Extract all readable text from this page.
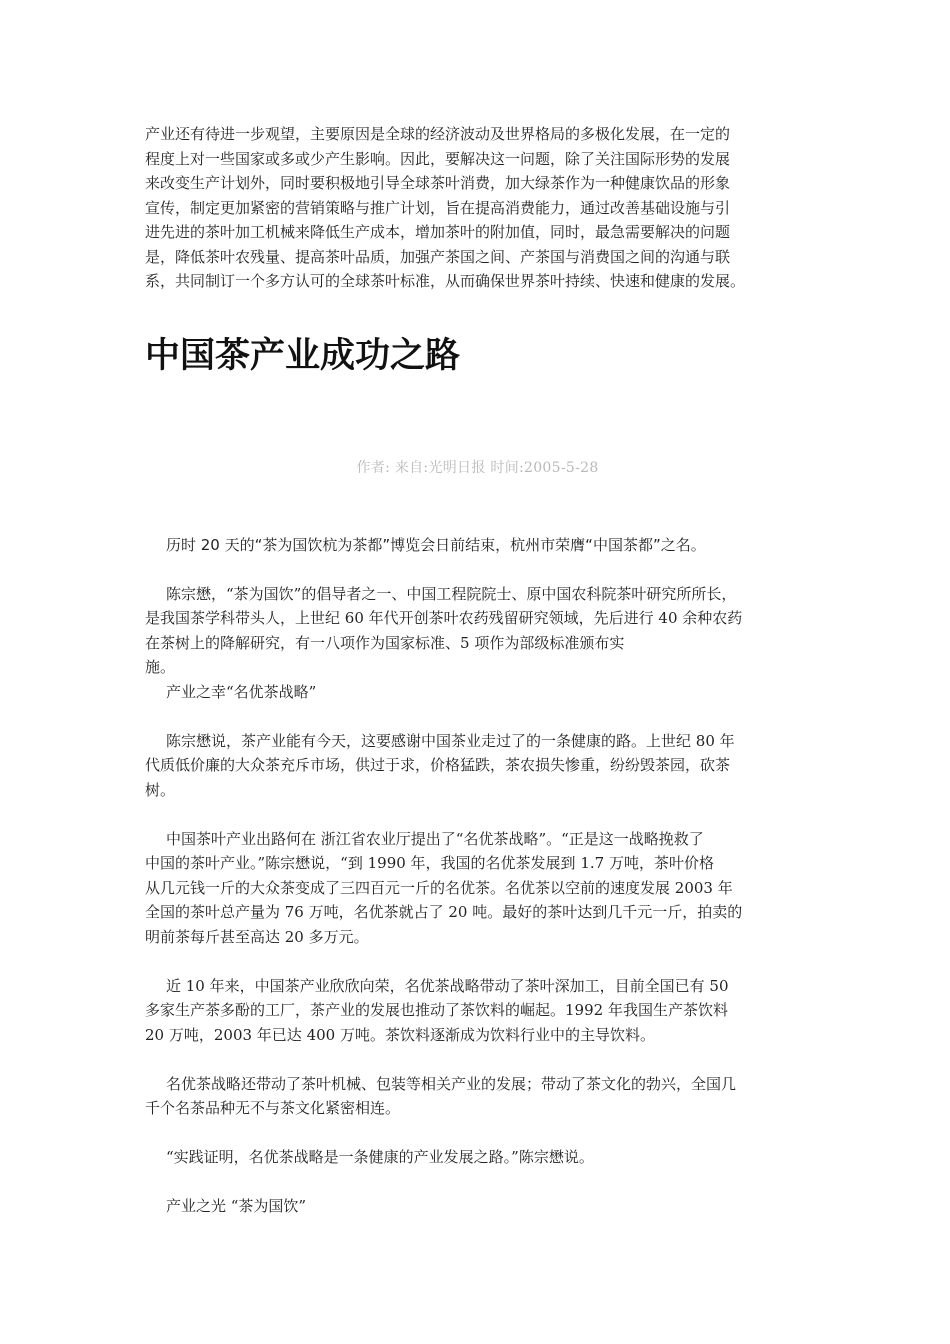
产业还有待进一步观望，主要原因是全球的经济波动及世界格局的多极化发展，在一定的
程度上对一些国家或多或少产生影响。因此，要解决这一问题，除了关注国际形势的发展
来改变生产计划外，同时要积极地引导全球茶叶消费，加大绿茶作为一种健康饮品的形象
宣传，制定更加紧密的营销策略与推广计划，旨在提高消费能力，通过改善基础设施与引
进先进的茶叶加工机械来降低生产成本，增加茶叶的附加值，同时，最急需要解决的问题
是，降低茶叶农残量、提高茶叶品质，加强产茶国之间、产茶国与消费国之间的沟通与联
系，共同制订一个多方认可的全球茶叶标准，从而确保世界茶叶持续、快速和健康的发展。
中国茶产业成功之路
作者: 来自:光明日报 时间:2005-5-28

历时 20 天的“茶为国饮杭为茶都”博览会日前结束，杭州市荣膺“中国茶都”之名。

陈宗懋，“茶为国饮”的倡导者之一、中国工程院院士、原中国农科院茶叶研究所所长，

是我国茶学科带头人，上世纪 60 年代开创茶叶农药残留研究领域，先后进行 40 余种农药
在茶树上的降解研究，有一八项作为国家标准、5 项作为部级标准颁布实
施。

产业之幸“名优茶战略”

陈宗懋说，茶产业能有今天，这要感谢中国茶业走过了的一条健康的路。上世纪 80 年

代质低价廉的大众茶充斥市场，供过于求，价格猛跌，茶农损失惨重，纷纷毁茶园，砍茶
树。

中国茶叶产业出路何在 浙江省农业厅提出了“名优茶战略”。“正是这一战略挽救了

中国的茶叶产业。”陈宗懋说，“到 1990 年，我国的名优茶发展到 1.7 万吨，茶叶价格
从几元钱一斤的大众茶变成了三四百元一斤的名优茶。名优茶以空前的速度发展 2003 年
全国的茶叶总产量为 76 万吨，名优茶就占了 20 吨。最好的茶叶达到几千元一斤，拍卖的
明前茶每斤甚至高达 20 多万元。

近 10 年来，中国茶产业欣欣向荣，名优茶战略带动了茶叶深加工，目前全国已有 50

多家生产茶多酚的工厂，茶产业的发展也推动了茶饮料的崛起。1992 年我国生产茶饮料
20 万吨，2003 年已达 400 万吨。茶饮料逐渐成为饮料行业中的主导饮料。

名优茶战略还带动了茶叶机械、包装等相关产业的发展；带动了茶文化的勃兴，全国几

千个名茶品种无不与茶文化紧密相连。

“实践证明，名优茶战略是一条健康的产业发展之路。”陈宗懋说。

产业之光 “茶为国饮”
